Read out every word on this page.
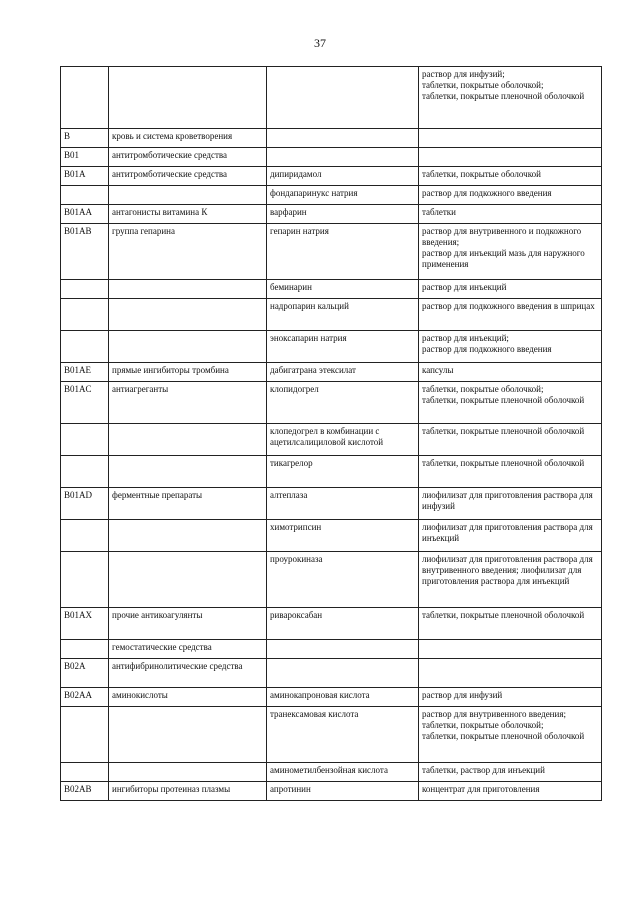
37

			раствор для инфузий;
таблетки, покрытые оболочкой;
таблетки, покрытые пленочной оболочкой

B	кровь и система кроветворения		
B01	антитромботические средства		
B01A	антитромботические средства	дипиридамол	таблетки, покрытые оболочкой

		фондапаринукс натрия	раствор для подкожного введения

B01AA	антагонисты витамина К	варфарин	таблетки

B01AB	группа гепарина	гепарин натрия	раствор для внутривенного и подкожного введения;
раствор для инъекций мазь для наружного применения

		беминарин	раствор для инъекций

		надропарин кальций	раствор для подкожного введения в шприцах

		эноксапарин натрия	раствор для инъекций;
раствор для подкожного введения

B01AE	прямые ингибиторы тромбина	дабигатрана этексилат	капсулы

B01AC	антиагреганты	клопидогрел	таблетки, покрытые оболочкой;
таблетки, покрытые пленочной оболочкой

		клопедогрел в комбинации с ацетилсалициловой кислотой	таблетки, покрытые пленочной оболочкой

		тикагрелор	таблетки, покрытые пленочной оболочкой

B01AD	ферментные препараты	алтеплаза	лиофилизат для приготовления раствора для инфузий

		химотрипсин	лиофилизат для приготовления раствора для инъекций

		проурокиназа	лиофилизат для приготовления раствора для внутривенного введения; лиофилизат для приготовления раствора для инъекций

B01AX	прочие антикоагулянты	ривароксабан	таблетки, покрытые пленочной оболочкой

	гемостатические средства		
B02A	антифибринолитические средства		
B02AA	аминокислоты	аминокапроновая кислота	раствор для инфузий

		транексамовая кислота	раствор для внутривенного введения;
таблетки, покрытые оболочкой;
таблетки, покрытые пленочной оболочкой

		аминометилбензойная кислота	таблетки, раствор для инъекций

B02AB	ингибиторы протеиназ плазмы	апротинин	концентрат для приготовления
